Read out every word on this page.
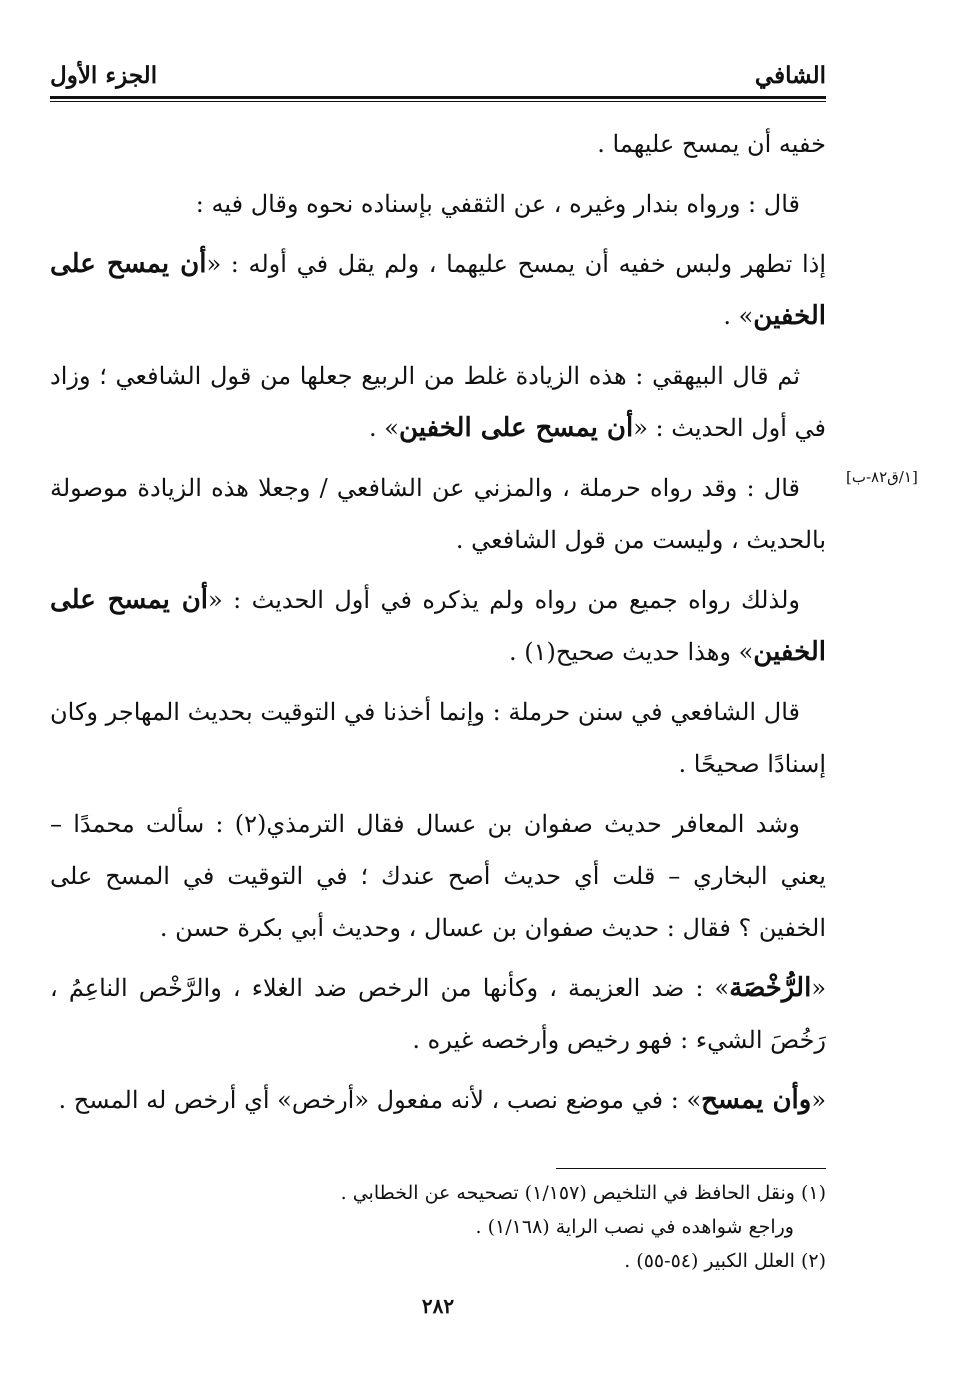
الشافي
الجزء الأول

خفيه أن يمسح عليهما .

قال : ورواه بندار وغيره ، عن الثقفي بإسناده نحوه وقال فيه :

إذا تطهر ولبس خفيه أن يمسح عليهما ، ولم يقل في أوله : «أن يمسح على الخفين» .

ثم قال البيهقي : هذه الزيادة غلط من الربيع جعلها من قول الشافعي ؛ وزاد في أول الحديث : «أن يمسح على الخفين» .

قال : وقد رواه حرملة ، والمزني عن الشافعي / وجعلا هذه الزيادة موصولة بالحديث ، وليست من قول الشافعي .

ولذلك رواه جميع من رواه ولم يذكره في أول الحديث : «أن يمسح على الخفين» وهذا حديث صحيح(١) .

قال الشافعي في سنن حرملة : وإنما أخذنا في التوقيت بحديث المهاجر وكان إسنادًا صحيحًا .

وشد المعافر حديث صفوان بن عسال فقال الترمذي(٢) : سألت محمدًا – يعني البخاري – قلت أي حديث أصح عندك ؛ في التوقيت في المسح على الخفين ؟ فقال : حديث صفوان بن عسال ، وحديث أبي بكرة حسن .

«الرُّخْصَة» : ضد العزيمة ، وكأنها من الرخص ضد الغلاء ، والرَّخْص الناعِمُ ، رَخُصَ الشيء : فهو رخيص وأرخصه غيره .

«وأن يمسح» : في موضع نصب ، لأنه مفعول «أرخص» أي أرخص له المسح .

(١) ونقل الحافظ في التلخيص (١/١٥٧) تصحيحه عن الخطابي .
وراجع شواهده في نصب الراية (١/١٦٨) .
(٢) العلل الكبير (٥٤-٥٥) .
٢٨٢
[١/ق٨٢-ب]
